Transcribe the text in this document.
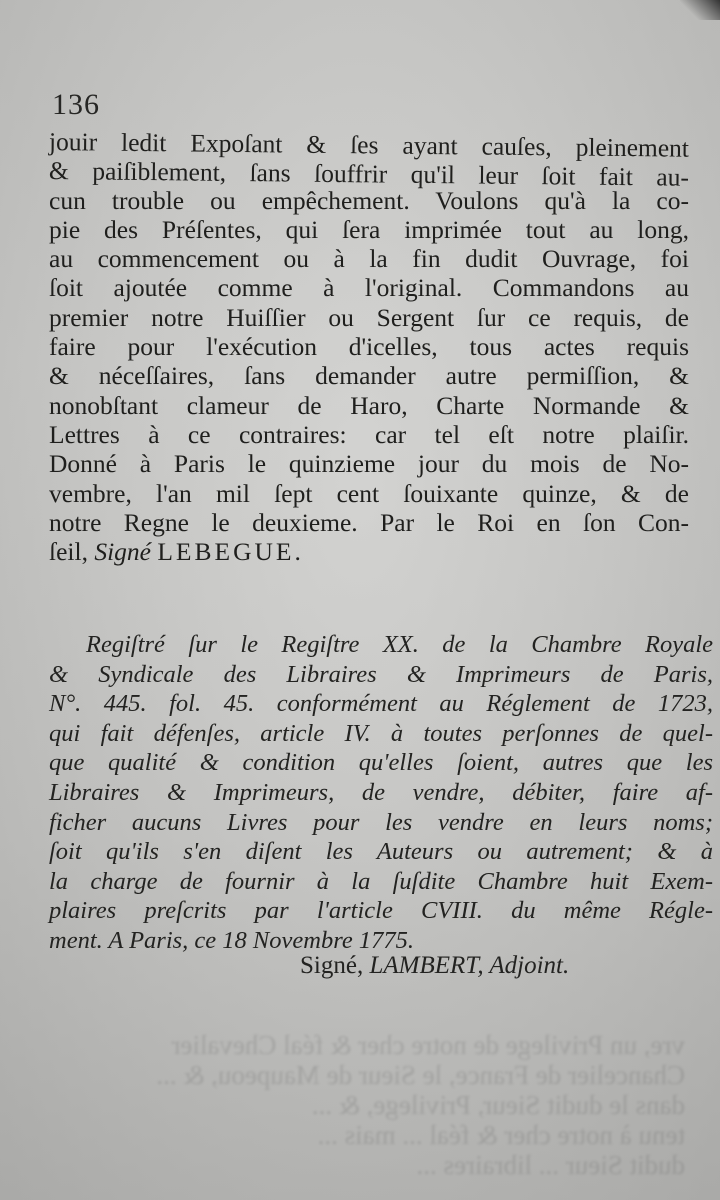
vre, un Privilege de notre cher & féal Chevalier
Chancelier de France, le Sieur de Maupeou, & ...
dans le dudit Sieur, Privilege, & ...
tenu à notre cher & féal ... mais ...
dudit Sieur ... libraires ...
136
jouir ledit Expoſant & ſes ayant cauſes, pleinement
& paiſiblement, ſans ſouffrir qu'il leur ſoit fait au-
cun trouble ou empêchement. Voulons qu'à la co-
pie des Préſentes, qui ſera imprimée tout au long,
au commencement ou à la fin dudit Ouvrage, foi
ſoit ajoutée comme à l'original. Commandons au
premier notre Huiſſier ou Sergent ſur ce requis, de
faire pour l'exécution d'icelles, tous actes requis
& néceſſaires, ſans demander autre permiſſion, &
nonobſtant clameur de Haro, Charte Normande &
Lettres à ce contraires: car tel eſt notre plaiſir.
Donné à Paris le quinzieme jour du mois de No-
vembre, l'an mil ſept cent ſouixante quinze, & de
notre Regne le deuxieme. Par le Roi en ſon Con-
ſeil, Signé LEBEGUE.
Regiſtré ſur le Regiſtre XX. de la Chambre Royale
& Syndicale des Libraires & Imprimeurs de Paris,
N°. 445. fol. 45. conformément au Réglement de 1723,
qui fait défenſes, article IV. à toutes perſonnes de quel-
que qualité & condition qu'elles ſoient, autres que les
Libraires & Imprimeurs, de vendre, débiter, faire af-
ficher aucuns Livres pour les vendre en leurs noms;
ſoit qu'ils s'en diſent les Auteurs ou autrement; & à
la charge de fournir à la ſuſdite Chambre huit Exem-
plaires preſcrits par l'article CVIII. du même Régle-
ment. A Paris, ce 18 Novembre 1775.
Signé, LAMBERT, Adjoint.
